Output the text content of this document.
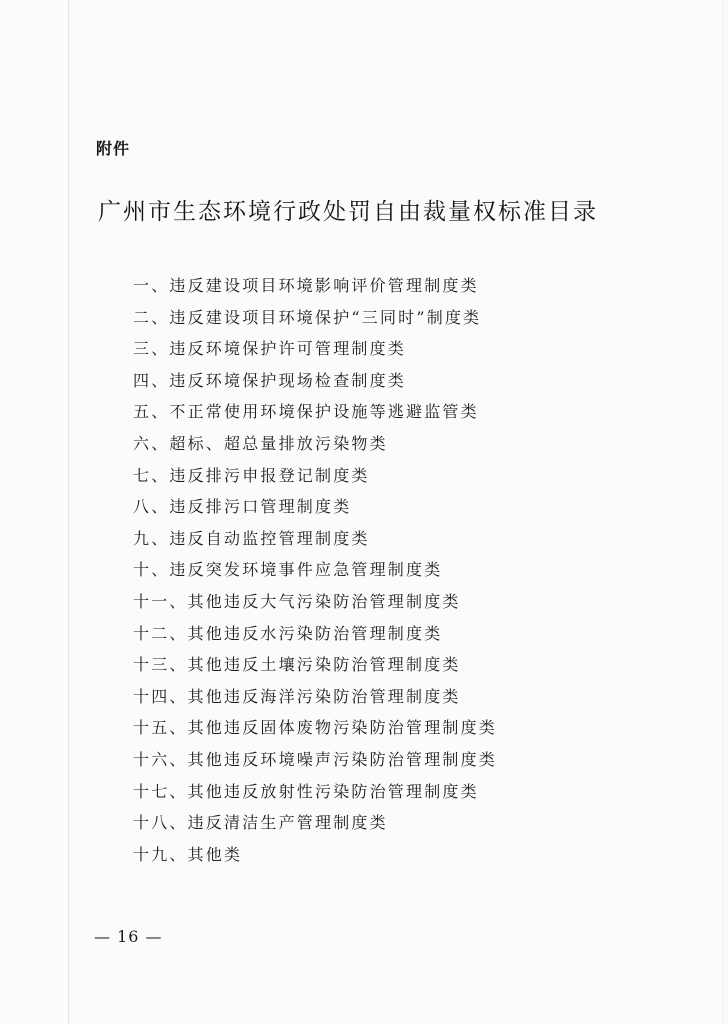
附件
广州市生态环境行政处罚自由裁量权标准目录
一、违反建设项目环境影响评价管理制度类
二、违反建设项目环境保护“三同时”制度类
三、违反环境保护许可管理制度类
四、违反环境保护现场检查制度类
五、不正常使用环境保护设施等逃避监管类
六、超标、超总量排放污染物类
七、违反排污申报登记制度类
八、违反排污口管理制度类
九、违反自动监控管理制度类
十、违反突发环境事件应急管理制度类
十一、其他违反大气污染防治管理制度类
十二、其他违反水污染防治管理制度类
十三、其他违反土壤污染防治管理制度类
十四、其他违反海洋污染防治管理制度类
十五、其他违反固体废物污染防治管理制度类
十六、其他违反环境噪声污染防治管理制度类
十七、其他违反放射性污染防治管理制度类
十八、违反清洁生产管理制度类
十九、其他类
— 16 —
